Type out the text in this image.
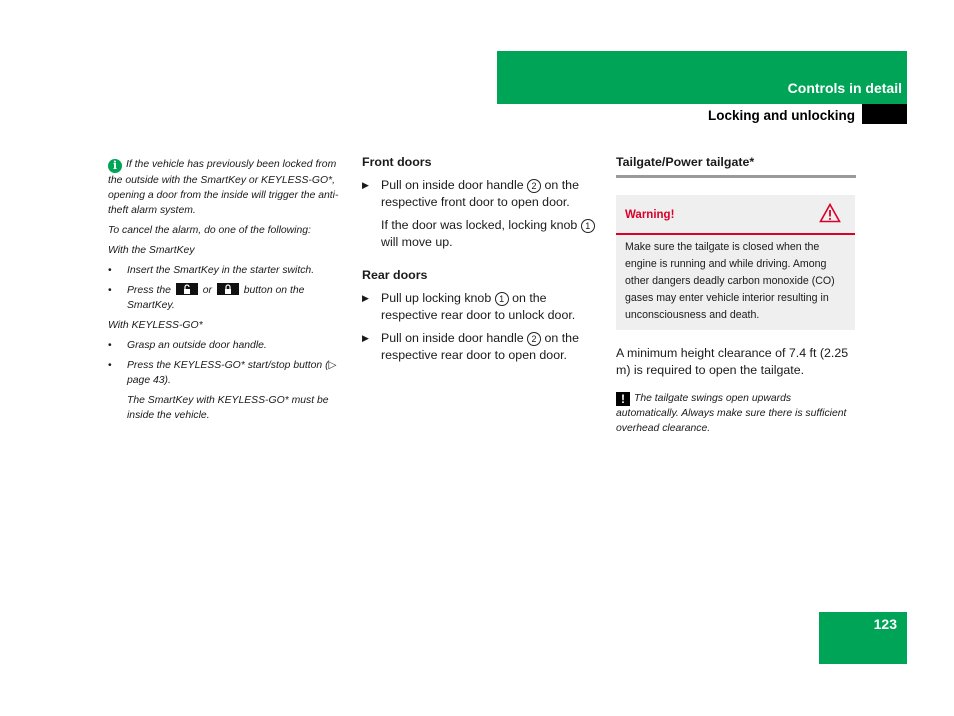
Controls in detail
Locking and unlocking

i If the vehicle has previously been locked from the outside with the SmartKey or KEYLESS-GO*, opening a door from the inside will trigger the anti-theft alarm system.

To cancel the alarm, do one of the following:

With the SmartKey

• Insert the SmartKey in the starter switch.
• Press the	or	button on the SmartKey.

With KEYLESS-GO*

• Grasp an outside door handle.
• Press the KEYLESS-GO* start/stop button (▷ page 43).

The SmartKey with KEYLESS-GO* must be inside the vehicle.

Front doors
▶ Pull on inside door handle 2 on the respective front door to open door.
If the door was locked, locking knob 1 will move up.
Rear doors
▶ Pull up locking knob 1 on the respective rear door to unlock door.
▶ Pull on inside door handle 2 on the respective rear door to open door.
Tailgate/Power tailgate*
Warning!
Make sure the tailgate is closed when the engine is running and while driving. Among other dangers deadly carbon monoxide (CO) gases may enter vehicle interior resulting in unconsciousness and death.

A minimum height clearance of 7.4 ft (2.25 m) is required to open the tailgate.

! The tailgate swings open upwards automatically. Always make sure there is sufficient overhead clearance.
123
